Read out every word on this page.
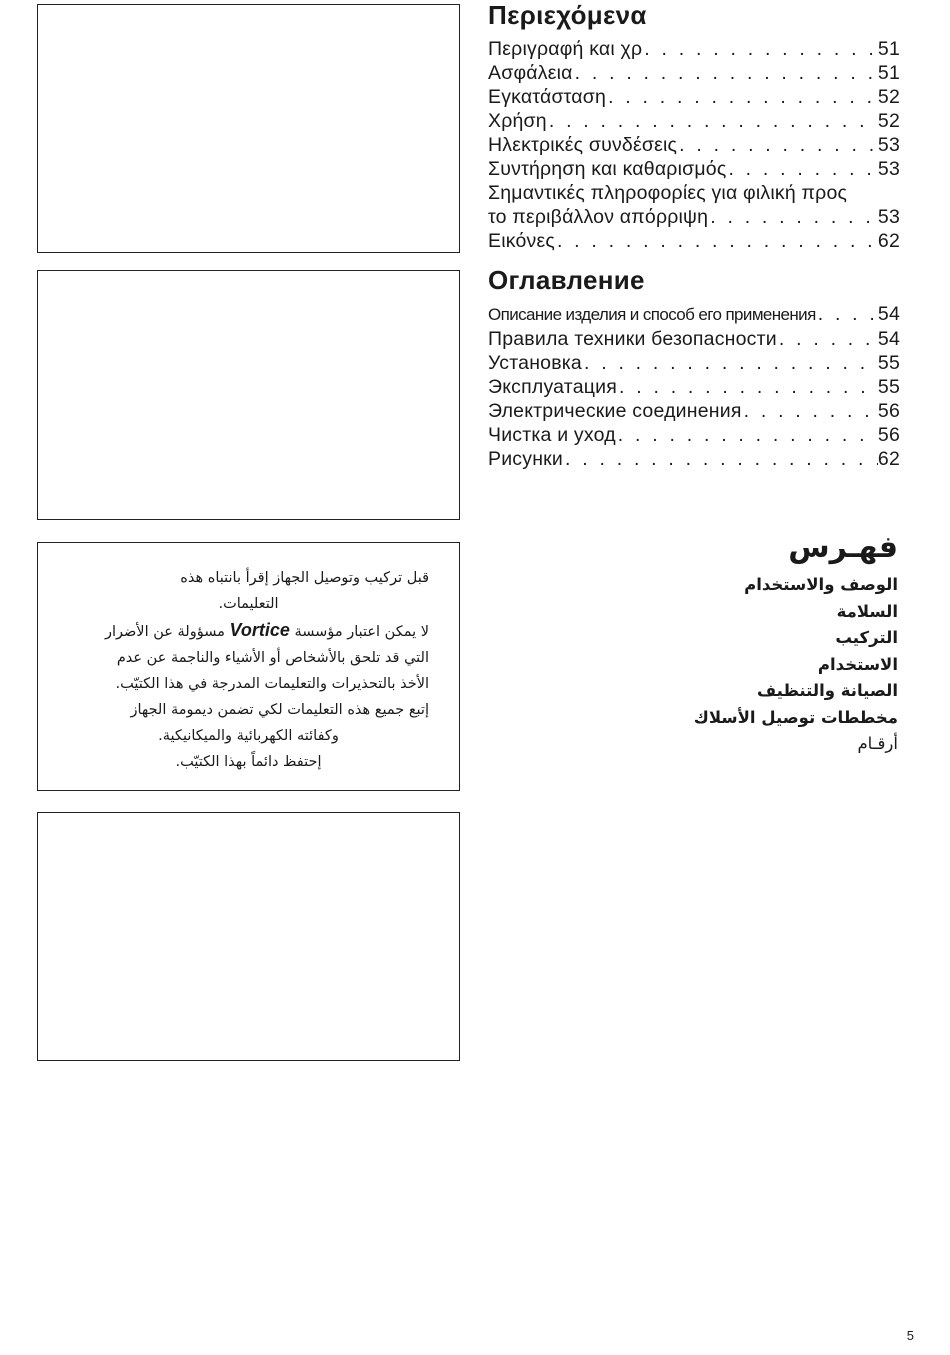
قبل تركيب وتوصيل الجهاز إقرأ بانتباه هذه

التعليمات.

لا يمكن اعتبار مؤسسة Vortice مسؤولة عن الأضرار

التي قد تلحق بالأشخاص أو الأشياء والناجمة عن عدم

الأخذ بالتحذيرات والتعليمات المدرجة في هذا الكتيّب.

إتبع جميع هذه التعليمات لكي تضمن ديمومة الجهاز

وكفائته الكهربائية والميكانيكية.

إحتفظ دائماً بهذا الكتيّب.

Περιεχόμενα
Περιγραφή και χρ . . .	51
Ασφάλεια . . .	51
Εγκατάσταση . . .	52
Χρήση . . .	52
Ηλεκτρικές συνδέσεις . . .	53
Συντήρηση και καθαρισμός . . .	53
Σημαντικές πληροφορίες για φιλική προς
το περιβάλλον απόρριψη . . .	53
Εικόνες . . .	62
Оглавление
Описание изделия и способ его применения . . .	54
Правила техники безопасности . . .	54
Установка . . .	55
Эксплуатация . . .	55
Электрические соединения . . .	56
Чистка и уход . . .	56
Рисунки . . .	62
فهـرس
الوصف والاستخدام
السلامة
التركيب
الاستخدام
الصيانة والتنظيف
مخططات توصيل الأسلاك
أرقـام
5
